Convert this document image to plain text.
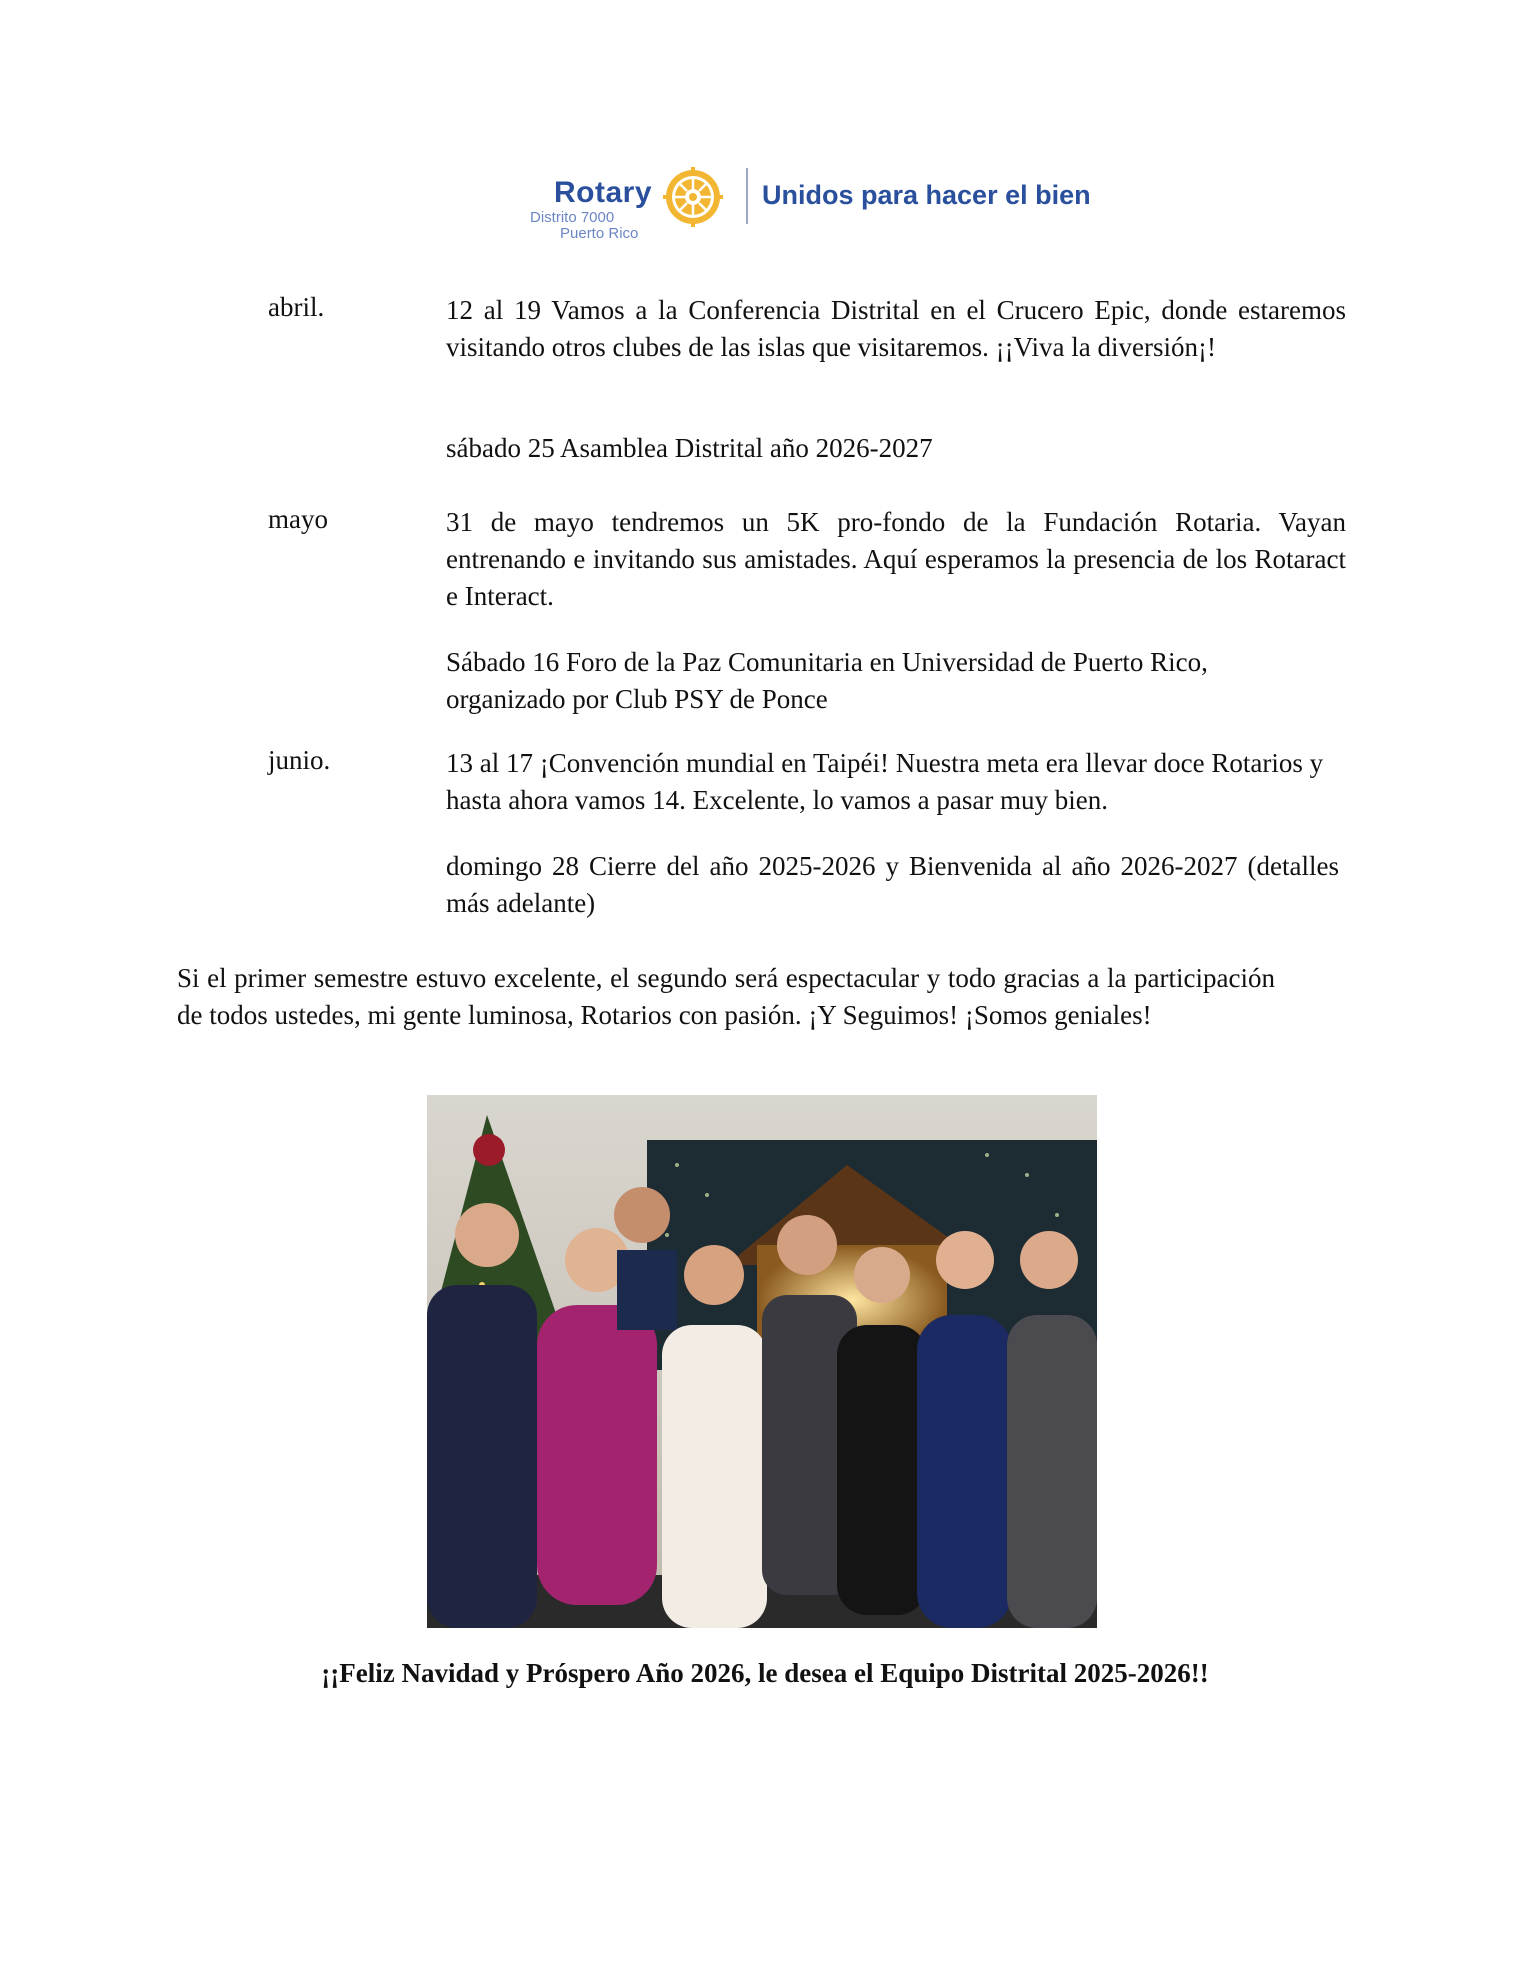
Rotary
Distrito 7000
Puerto Rico
Unidos para hacer el bien
abril.	12 al 19 Vamos a la Conferencia Distrital en el Crucero Epic, donde estaremos visitando otros clubes de las islas que visitaremos. ¡¡Viva la diversión¡!
sábado 25 Asamblea Distrital año 2026-2027
mayo	31 de mayo tendremos un 5K pro-fondo de la Fundación Rotaria. Vayan entrenando e invitando sus amistades. Aquí esperamos la presencia de los Rotaract e Interact.
Sábado 16 Foro de la Paz Comunitaria en Universidad de Puerto Rico, organizado por Club PSY de Ponce
junio.	13 al 17 ¡Convención mundial en Taipéi! Nuestra meta era llevar doce Rotarios y hasta ahora vamos 14. Excelente, lo vamos a pasar muy bien.
domingo 28 Cierre del año 2025-2026 y Bienvenida al año 2026-2027 (detalles más adelante)
Si el primer semestre estuvo excelente, el segundo será espectacular y todo gracias a la participación de todos ustedes, mi gente luminosa, Rotarios con pasión. ¡Y Seguimos! ¡Somos geniales!
¡¡Feliz Navidad y Próspero Año 2026, le desea el Equipo Distrital 2025-2026!!
